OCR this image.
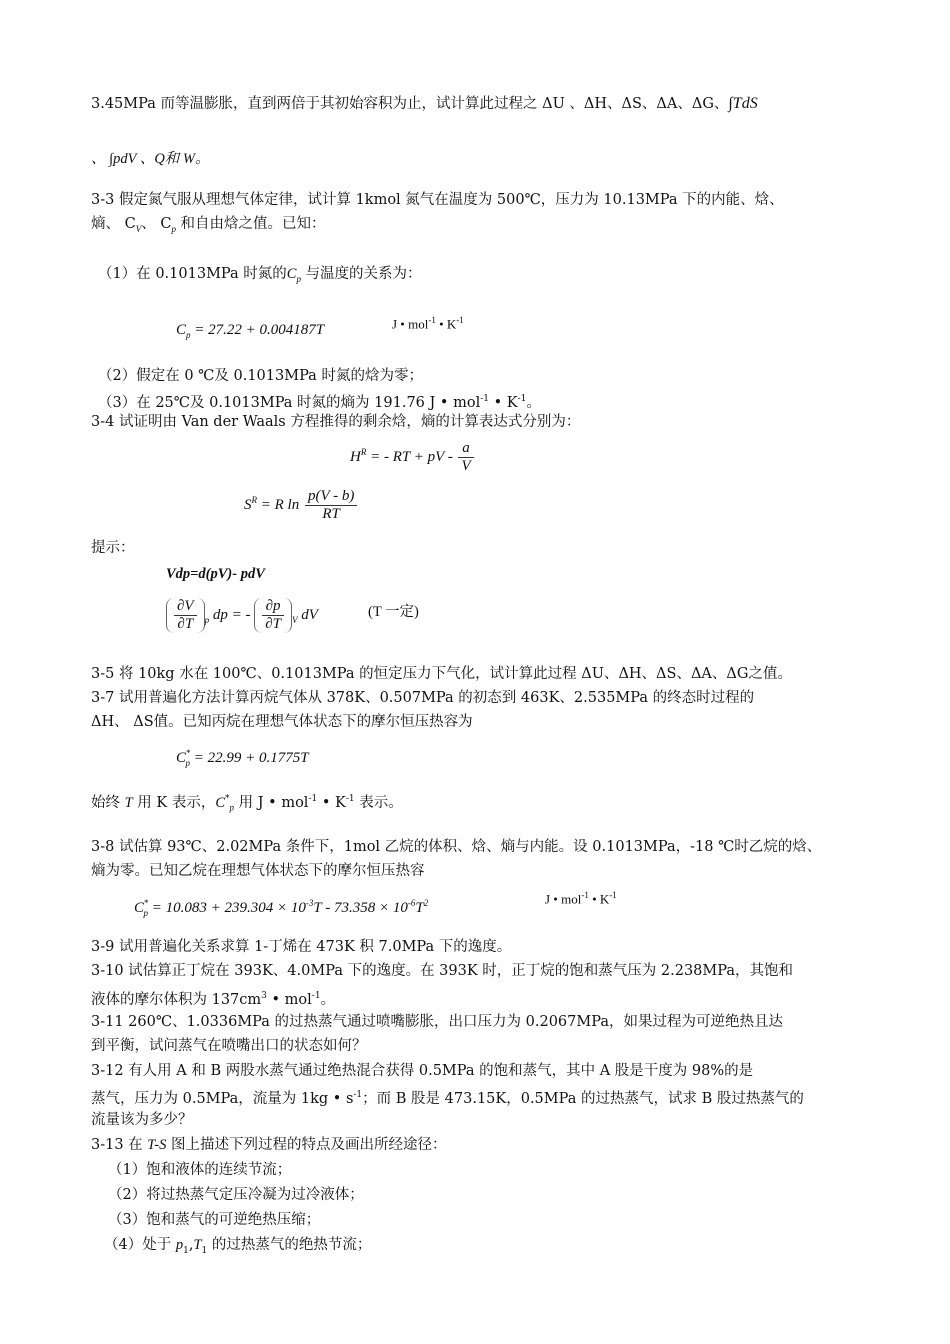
3.45MPa 而等温膨胀，直到两倍于其初始容积为止，试计算此过程之 ΔU 、ΔH、ΔS、ΔA、ΔG、∫TdS
、 ∫pdV 、Q和 W。
3-3 假定氮气服从理想气体定律，试计算 1kmol 氮气在温度为 500℃，压力为 10.13MPa 下的内能、焓、
熵、 $C_V$、 $C_p$ 和自由焓之值。已知：
（1）在 0.1013MPa 时氮的$C_p$ 与温度的关系为：
$C_p = 27.22 + 0.004187T$	J • mol$^{-1}$ • $K^{-1}$
（2）假定在 0 ℃及 0.1013MPa 时氮的焓为零；
（3）在 25℃及 0.1013MPa 时氮的熵为 191.76 J • mol$^{-1}$ • $K^{-1}$。
3-4 试证明由 Van der Waals 方程推得的剩余焓，熵的计算表达式分别为：
$H^R$ = - RT + pV - $\frac{a}{V}$
$S^R = R$ $\ln \frac{p(V - b)}{RT}$
提示：
Vdp=d(pV)- pdV
$\frac{\partial V}{\partial T} _p$ dp = - $\frac{\partial p}{\partial T} _V$ dV	(T 一定)
3-5 将 10kg 水在 100℃、0.1013MPa 的恒定压力下气化，试计算此过程 ΔU、ΔH、ΔS、ΔA、ΔG之值。
3-7 试用普遍化方法计算丙烷气体从 378K、0.507MPa 的初态到 463K、2.535MPa 的终态时过程的
ΔH、 ΔS值。已知丙烷在理想气体状态下的摩尔恒压热容为
$C^*_p = 22.99 + 0.1775T$
始终 T 用 K 表示，$C^*_p$ 用 J • mol$^{-1}$ • $K^{-1}$ 表示。
3-8 试估算 93℃、2.02MPa 条件下，1mol 乙烷的体积、焓、熵与内能。设 0.1013MPa，-18 ℃时乙烷的焓、
熵为零。已知乙烷在理想气体状态下的摩尔恒压热容
$C^*_p = 10.083 + 239.304 \times 10^{-3}T - 73.358 \times 10^{-6}T^2$	J • mol$^{-1}$ • $K^{-1}$
3-9 试用普遍化关系求算 1-丁烯在 473K 积 7.0MPa 下的逸度。
3-10 试估算正丁烷在 393K、4.0MPa 下的逸度。在 393K 时，正丁烷的饱和蒸气压为 2.238MPa，其饱和
液体的摩尔体积为 $137cm^3$ • mol$^{-1}$。
3-11 260℃、1.0336MPa 的过热蒸气通过喷嘴膨胀，出口压力为 0.2067MPa，如果过程为可逆绝热且达
到平衡，试问蒸气在喷嘴出口的状态如何？
3-12 有人用 A 和 B 两股水蒸气通过绝热混合获得 0.5MPa 的饱和蒸气，其中 A 股是干度为 98%的是
蒸气，压力为 0.5MPa，流量为 1kg • $s^{-1}$；而 B 股是 473.15K，0.5MPa 的过热蒸气，试求 B 股过热蒸气的
流量该为多少？
3-13 在 T-S 图上描述下列过程的特点及画出所经途径：
（1）饱和液体的连续节流；
（2）将过热蒸气定压冷凝为过冷液体；
（3）饱和蒸气的可逆绝热压缩；
（4）处于 $p_1,T_1$ 的过热蒸气的绝热节流；
